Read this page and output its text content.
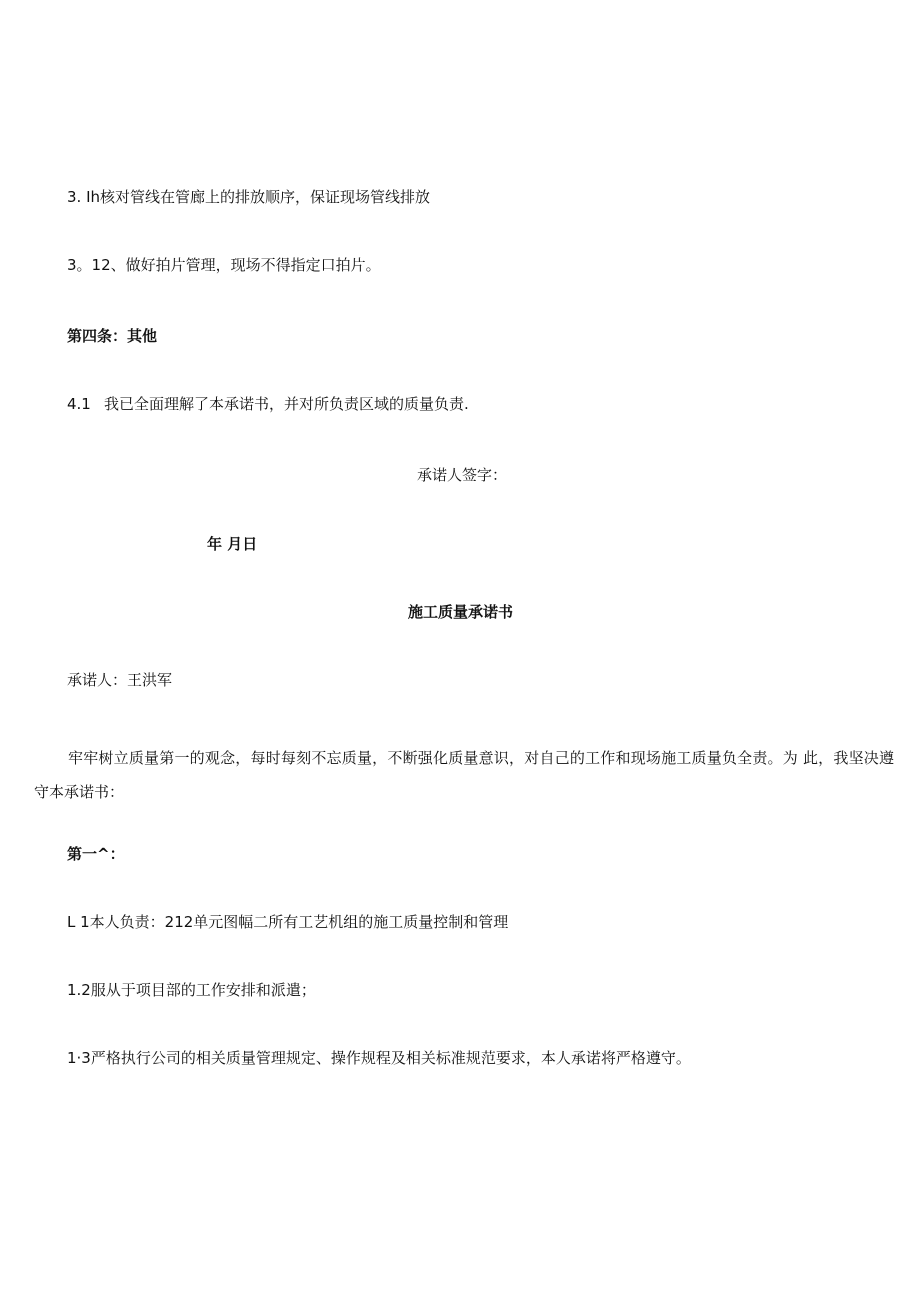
3. Ih核对管线在管廊上的排放顺序，保证现场管线排放
3。12、做好拍片管理，现场不得指定口拍片。
第四条：其他
4.1 我已全面理解了本承诺书，并对所负责区域的质量负责.
承诺人签字：
年 月日
施工质量承诺书
承诺人：王洪军
牢牢树立质量第一的观念，每时每刻不忘质量，不断强化质量意识，对自己的工作和现场施工质量负全责。为 此，我坚决遵守本承诺书：
第一^：
L 1本人负责：212单元图幅二所有工艺机组的施工质量控制和管理
1.2服从于项目部的工作安排和派遣；
1·3严格执行公司的相关质量管理规定、操作规程及相关标准规范要求，本人承诺将严格遵守。
